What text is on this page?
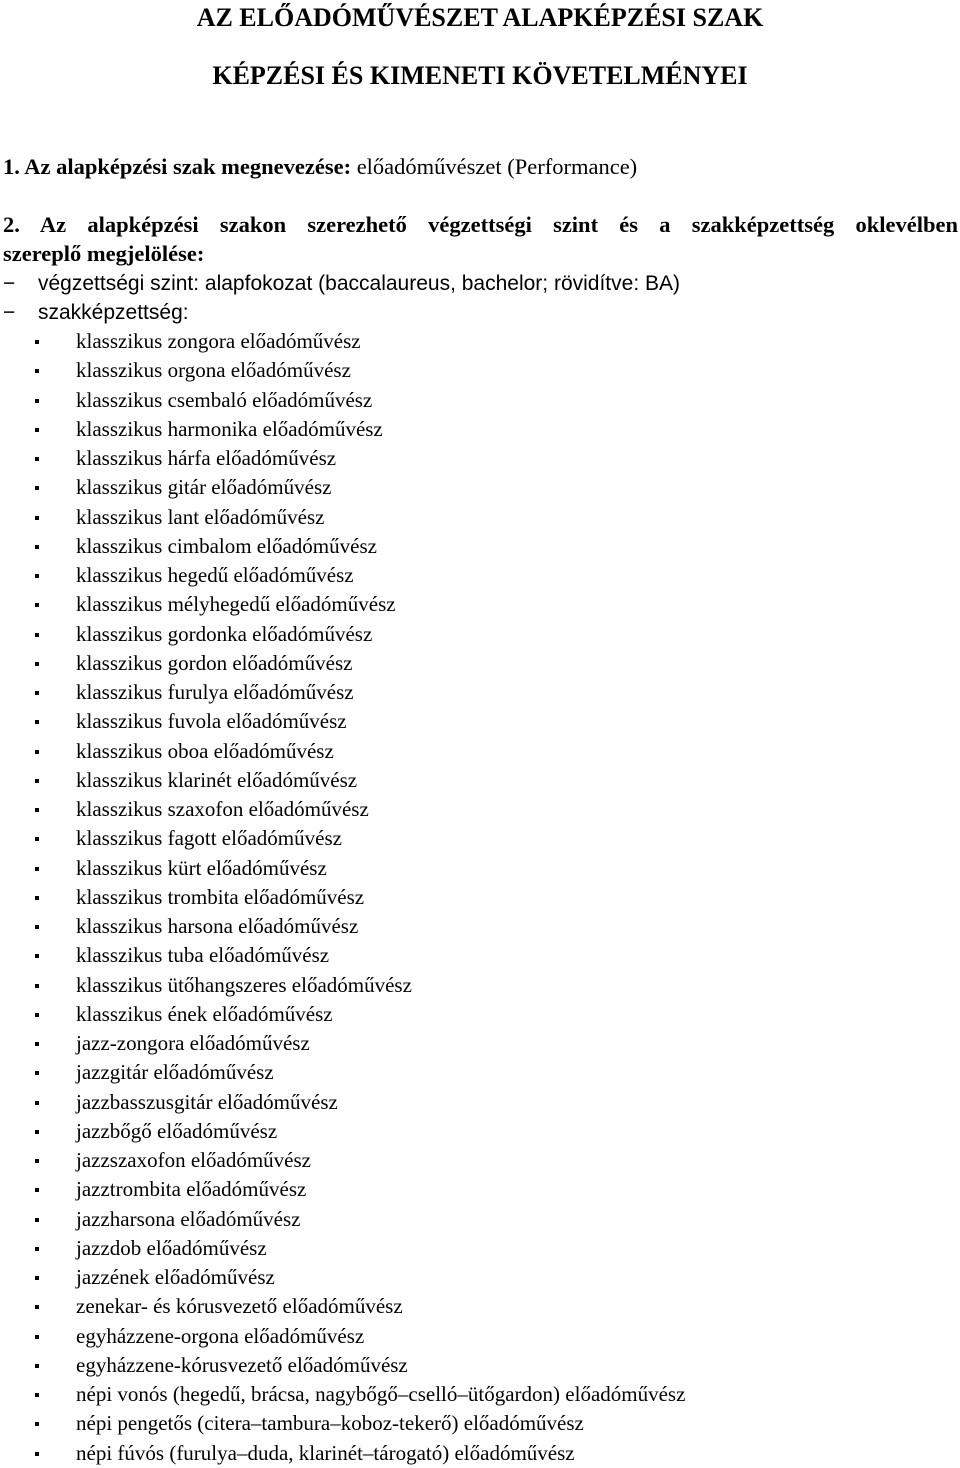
AZ ELŐADÓMŰVÉSZET ALAPKÉPZÉSI SZAK
KÉPZÉSI ÉS KIMENETI KÖVETELMÉNYEI
1. Az alapképzési szak megnevezése: előadóművészet (Performance)
2. Az alapképzési szakon szerezhető végzettségi szint és a szakképzettség oklevélben
szereplő megjelölése:
−	végzettségi szint: alapfokozat (baccalaureus, bachelor; rövidítve: BA)
−	szakképzettség:
klasszikus zongora előadóművész
klasszikus orgona előadóművész
klasszikus csembaló előadóművész
klasszikus harmonika előadóművész
klasszikus hárfa előadóművész
klasszikus gitár előadóművész
klasszikus lant előadóművész
klasszikus cimbalom előadóművész
klasszikus hegedű előadóművész
klasszikus mélyhegedű előadóművész
klasszikus gordonka előadóművész
klasszikus gordon előadóművész
klasszikus furulya előadóművész
klasszikus fuvola előadóművész
klasszikus oboa előadóművész
klasszikus klarinét előadóművész
klasszikus szaxofon előadóművész
klasszikus fagott előadóművész
klasszikus kürt előadóművész
klasszikus trombita előadóművész
klasszikus harsona előadóművész
klasszikus tuba előadóművész
klasszikus ütőhangszeres előadóművész
klasszikus ének előadóművész
jazz-zongora előadóművész
jazzgitár előadóművész
jazzbasszusgitár előadóművész
jazzbőgő előadóművész
jazzszaxofon előadóművész
jazztrombita előadóművész
jazzharsona előadóművész
jazzdob előadóművész
jazzének előadóművész
zenekar- és kórusvezető előadóművész
egyházzene-orgona előadóművész
egyházzene-kórusvezető előadóművész
népi vonós (hegedű, brácsa, nagybőgő–cselló–ütőgardon) előadóművész
népi pengetős (citera–tambura–koboz-tekerő) előadóművész
népi fúvós (furulya–duda, klarinét–tárogató) előadóművész
